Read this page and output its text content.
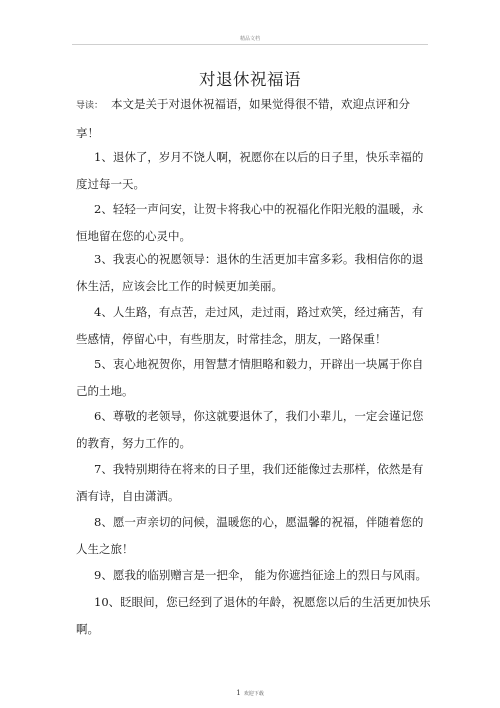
精品文档
对退休祝福语
导读： 本文是关于对退休祝福语，如果觉得很不错，欢迎点评和分享！
1、退休了，岁月不饶人啊，祝愿你在以后的日子里，快乐幸福的度过每一天。
2、轻轻一声问安，让贺卡将我心中的祝福化作阳光般的温暖，永恒地留在您的心灵中。
3、我衷心的祝愿领导：退休的生活更加丰富多彩。我相信你的退休生活，应该会比工作的时候更加美丽。
4、人生路，有点苦，走过风，走过雨，路过欢笑，经过痛苦，有些感情，停留心中，有些朋友，时常挂念，朋友，一路保重！
5、衷心地祝贺你，用智慧才情胆略和毅力，开辟出一块属于你自己的土地。
6、尊敬的老领导，你这就要退休了，我们小辈儿，一定会谨记您的教育，努力工作的。
7、我特别期待在将来的日子里，我们还能像过去那样，依然是有酒有诗，自由潇洒。
8、愿一声亲切的问候，温暖您的心，愿温馨的祝福，伴随着您的人生之旅！
9、愿我的临别赠言是一把伞， 能为你遮挡征途上的烈日与风雨。
10、眨眼间，您已经到了退休的年龄，祝愿您以后的生活更加快乐啊。
1 欢迎下载
